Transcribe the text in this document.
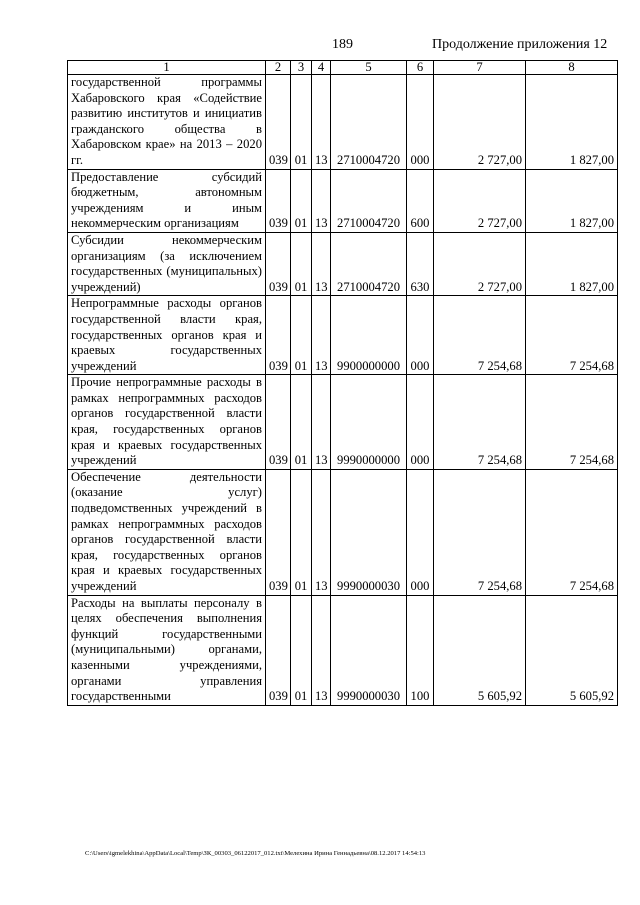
189	Продолжение приложения 12
1	2	3	4	5	6	7	8
государственной программы Хабаровского края «Содействие развитию институтов и инициатив гражданского общества в Хабаровском крае» на 2013 – 2020 гг.	039	01	13	2710004720	000	2 727,00	1 827,00
Предоставление субсидий бюджетным, автономным учреждениям и иным некоммерческим организациям	039	01	13	2710004720	600	2 727,00	1 827,00
Субсидии некоммерческим организациям (за исключением государственных (муниципальных) учреждений)	039	01	13	2710004720	630	2 727,00	1 827,00
Непрограммные расходы органов государственной власти края, государственных органов края и краевых государственных учреждений	039	01	13	9900000000	000	7 254,68	7 254,68
Прочие непрограммные расходы в рамках непрограммных расходов органов государственной власти края, государственных органов края и краевых государственных учреждений	039	01	13	9990000000	000	7 254,68	7 254,68
Обеспечение деятельности (оказание услуг) подведомственных учреждений в рамках непрограммных расходов органов государственной власти края, государственных органов края и краевых государственных учреждений	039	01	13	9990000030	000	7 254,68	7 254,68
Расходы на выплаты персоналу в целях обеспечения выполнения функций государственными (муниципальными) органами, казенными учреждениями, органами управления государственными	039	01	13	9990000030	100	5 605,92	5 605,92
C:\Users\igmelekhina\AppData\Local\Temp\ЗК_00303_06122017_012.txt\Мелехина Ирина Геннадьевна\08.12.2017 14:54:13
